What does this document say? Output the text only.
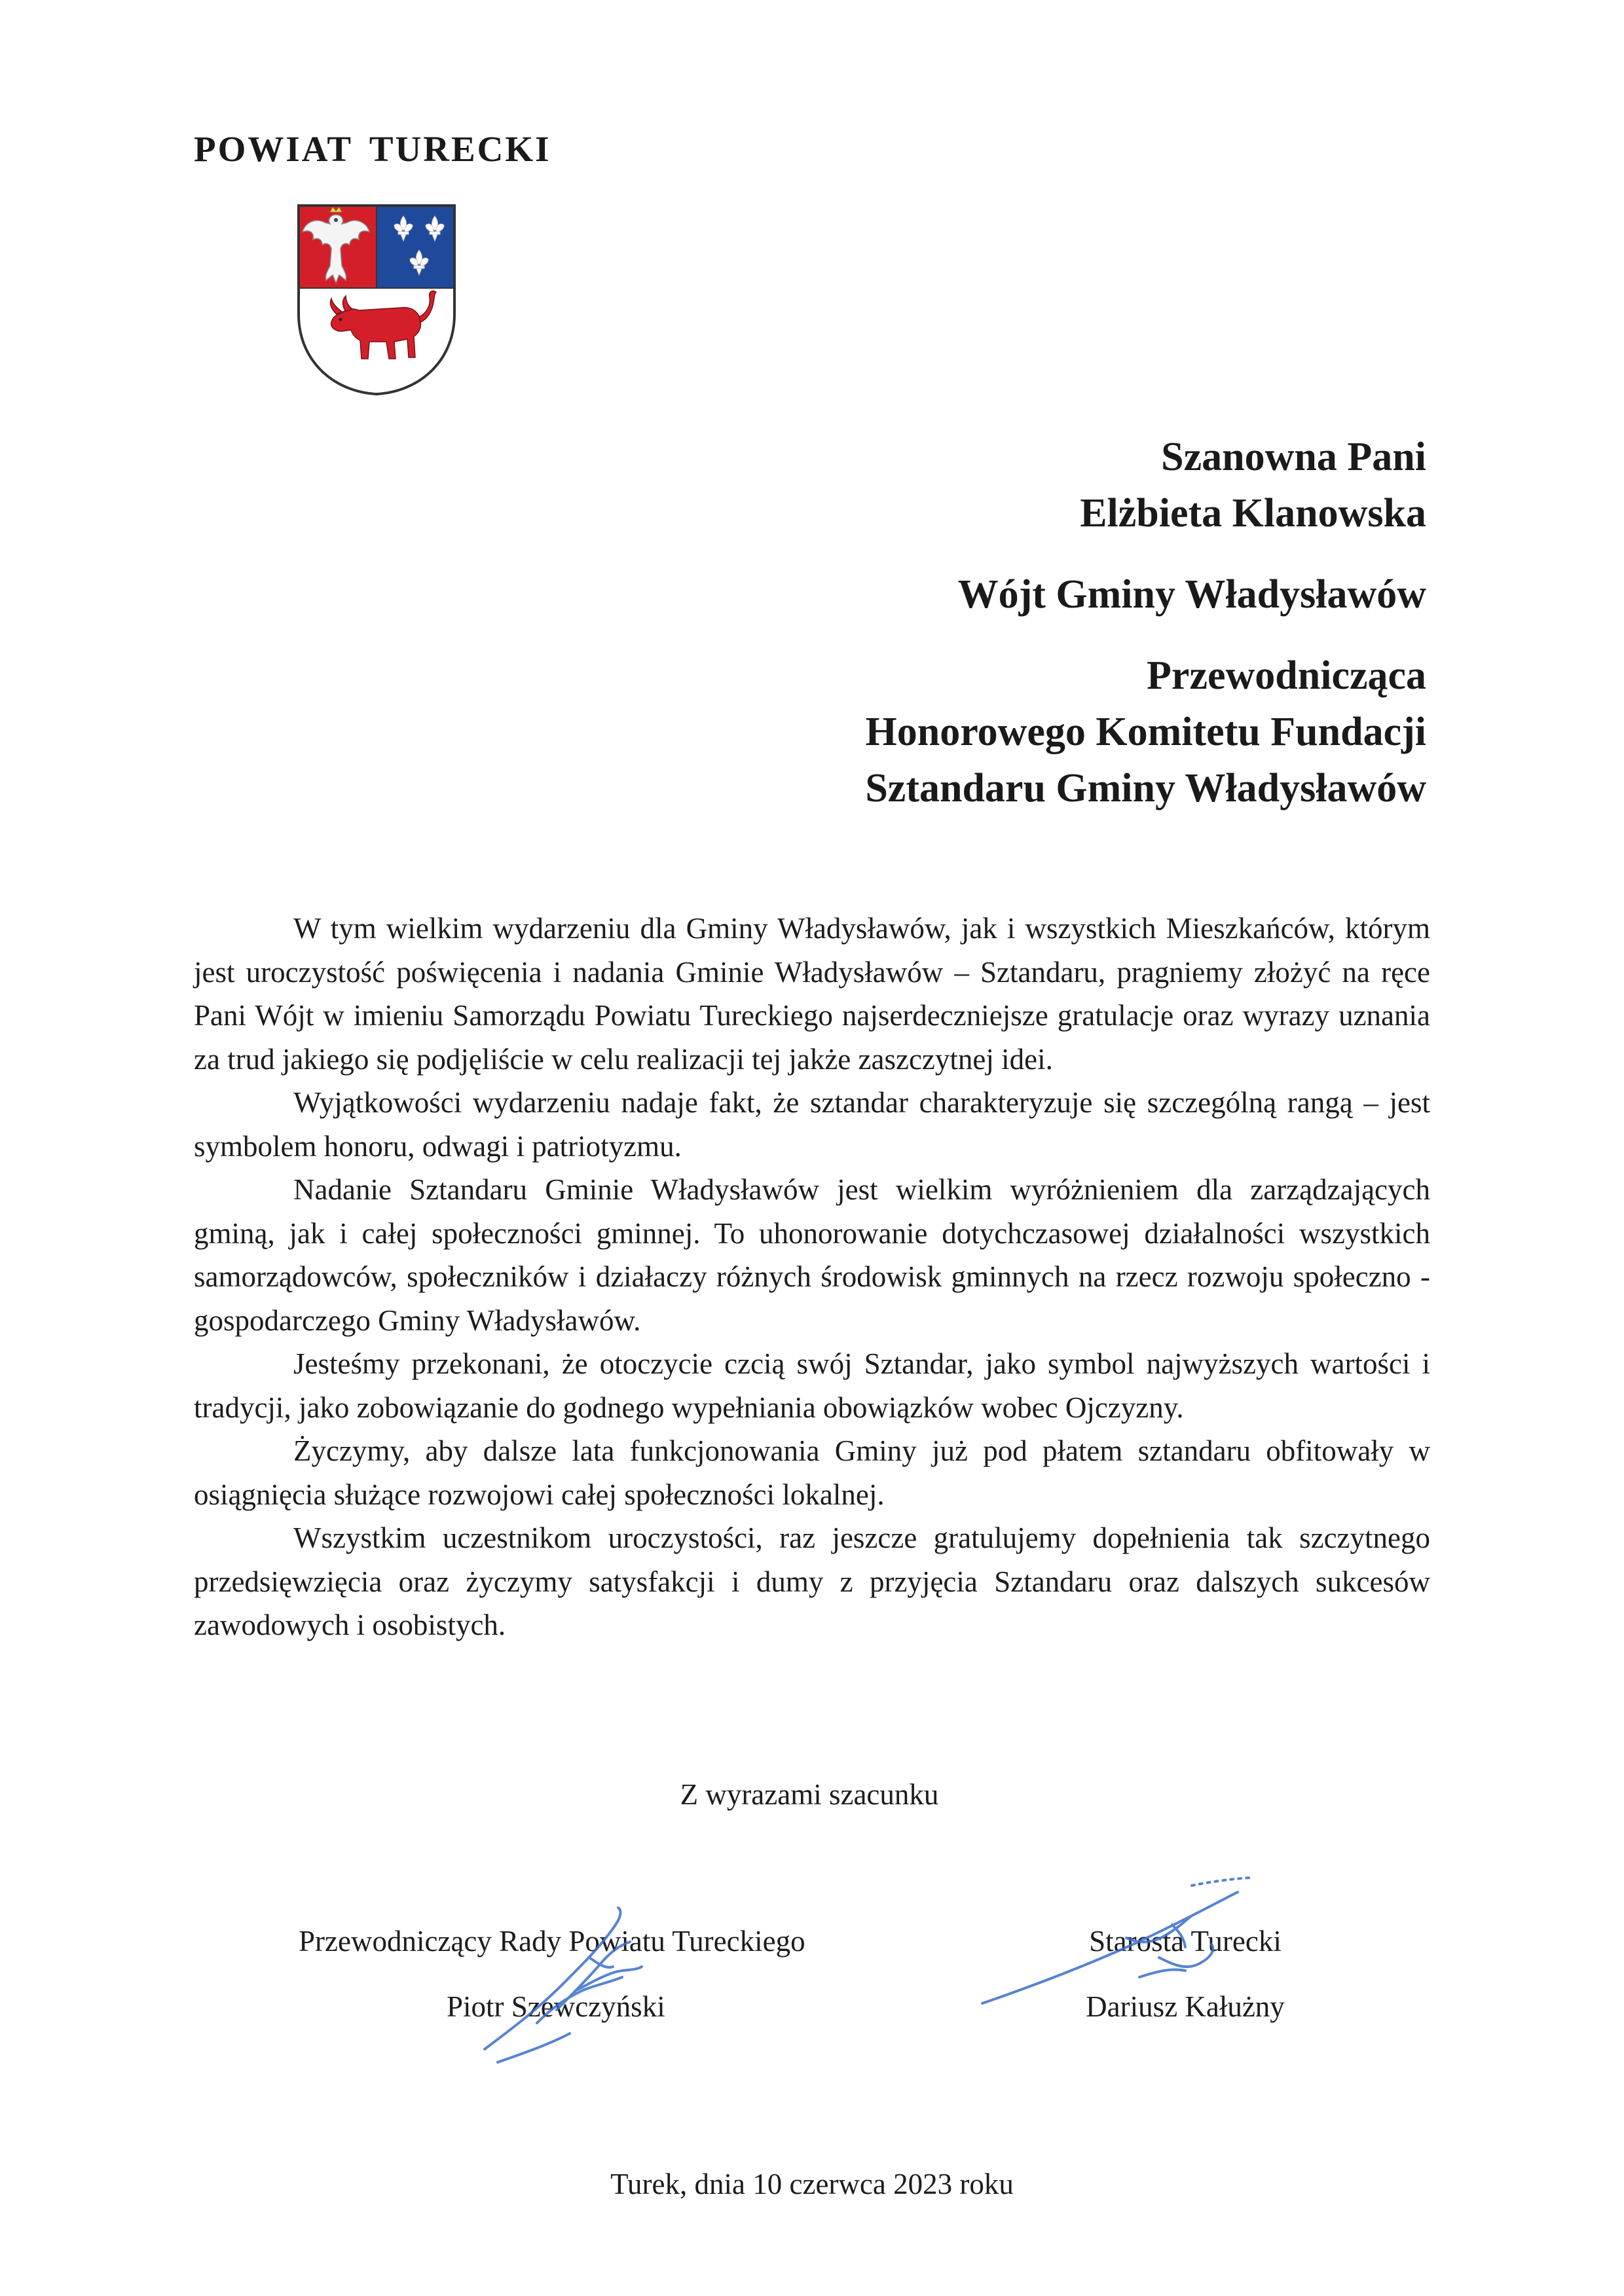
POWIAT TURECKI
Szanowna Pani
Elżbieta Klanowska
Wójt Gminy Władysławów
Przewodnicząca
Honorowego Komitetu Fundacji
Sztandaru Gminy Władysławów

W tym wielkim wydarzeniu dla Gminy Władysławów, jak i wszystkich Mieszkańców, którym jest uroczystość poświęcenia i nadania Gminie Władysławów – Sztandaru, pragniemy złożyć na ręce Pani Wójt w imieniu Samorządu Powiatu Tureckiego najserdeczniejsze gratulacje oraz wyrazy uznania za trud jakiego się podjęliście w celu realizacji tej jakże zaszczytnej idei.

Wyjątkowości wydarzeniu nadaje fakt, że sztandar charakteryzuje się szczególną rangą – jest symbolem honoru, odwagi i patriotyzmu.

Nadanie Sztandaru Gminie Władysławów jest wielkim wyróżnieniem dla zarządzających gminą, jak i całej społeczności gminnej. To uhonorowanie dotychczasowej działalności wszystkich samorządowców, społeczników i działaczy różnych środowisk gminnych na rzecz rozwoju społeczno - gospodarczego Gminy Władysławów.

Jesteśmy przekonani, że otoczycie czcią swój Sztandar, jako symbol najwyższych wartości i tradycji, jako zobowiązanie do godnego wypełniania obowiązków wobec Ojczyzny.

Życzymy, aby dalsze lata funkcjonowania Gminy już pod płatem sztandaru obfitowały w osiągnięcia służące rozwojowi całej społeczności lokalnej.

Wszystkim uczestnikom uroczystości, raz jeszcze gratulujemy dopełnienia tak szczytnego przedsięwzięcia oraz życzymy satysfakcji i dumy z przyjęcia Sztandaru oraz dalszych sukcesów zawodowych i osobistych.

Z wyrazami szacunku
Przewodniczący Rady Powiatu Tureckiego
Piotr Szewczyński
Starosta Turecki
Dariusz Kałużny
Turek, dnia 10 czerwca 2023 roku
